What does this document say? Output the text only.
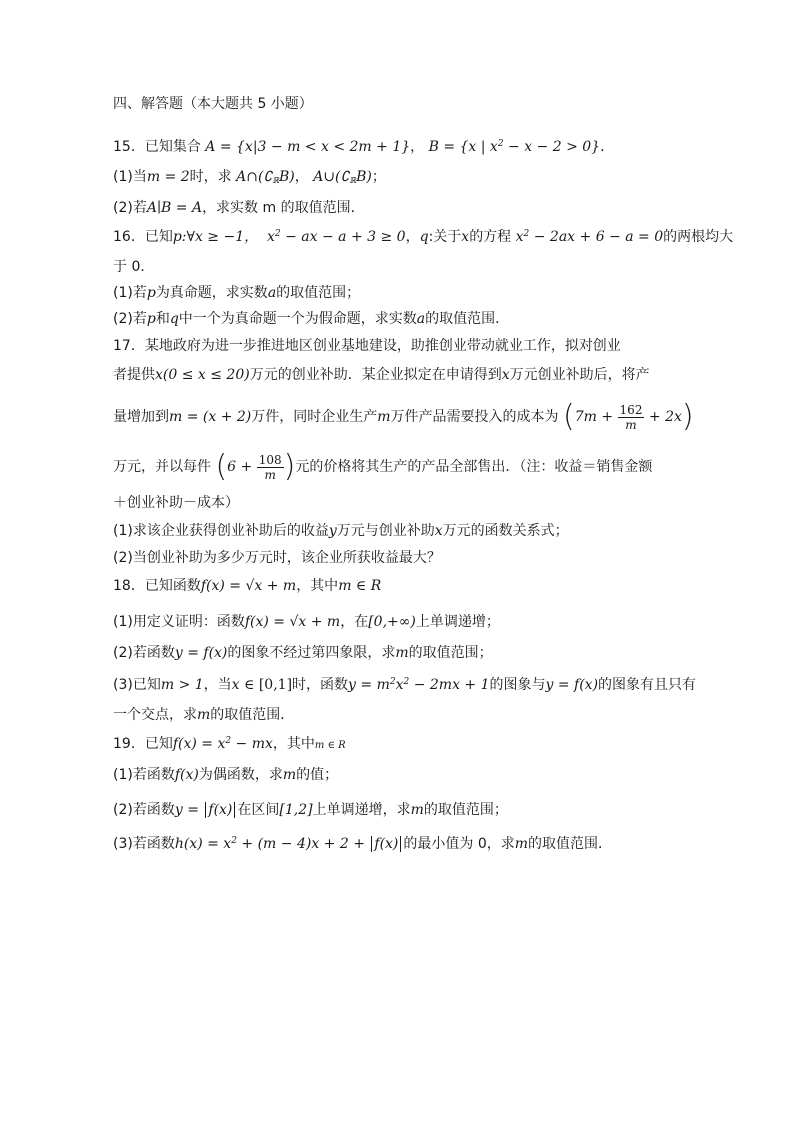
四、解答题（本大题共 5 小题）
15．已知集合 A = {x|3 − m < x < 2m + 1}， B = {x | $x^2 - x - 2 > 0$}．
(1)当m = 2时，求 $A\cap(∁_ℝB)$， $A\cup(∁_ℝB)$；
(2)若A∣B = A，求实数 m 的取值范围．
16．已知p:∀x ≥ −1，  $x^2$ − ax − a + 3 ≥ 0，q:关于x的方程 $x^2 - 2ax + 6 - a = 0$的两根均大
于 0．
(1)若p为真命题，求实数a的取值范围；
(2)若p和q中一个为真命题一个为假命题，求实数a的取值范围．
17．某地政府为进一步推进地区创业基地建设，助推创业带动就业工作，拟对创业
者提供x(0 ≤ x ≤ 20)万元的创业补助．某企业拟定在申请得到x万元创业补助后，将产
量增加到m = (x + 2)万件，同时企业生产m万件产品需要投入的成本为 $(7m + \frac{162}{m} + 2x)$
万元，并以每件 ($6 + \frac{108}{m}$ )元的价格将其生产的产品全部售出．（注：收益＝销售金额
＋创业补助－成本）
(1)求该企业获得创业补助后的收益y万元与创业补助x万元的函数关系式；
(2)当创业补助为多少万元时，该企业所获收益最大？
18．已知函数f(x) = √x + m，其中m ∈ R
(1)用定义证明：函数f(x) = √x + m，在[0,+∞)上单调递增；
(2)若函数y = f(x)的图象不经过第四象限，求m的取值范围；
(3)已知m > 1，当x ∈ [0,1]时，函数$y = m^2x^2 - 2mx + 1$的图象与y = f(x)的图象有且只有
一个交点，求m的取值范围．
19．已知$f(x) = x^2$ − mx，其中m ∈ R
(1)若函数f(x)为偶函数，求m的值；
(2)若函数y = f(x) 在区间[1,2]上单调递增，求m的取值范围；
(3)若函数$h(x) = x^2 + (m - 4)x + 2 + f(x)$ 的最小值为 0，求m的取值范围．
